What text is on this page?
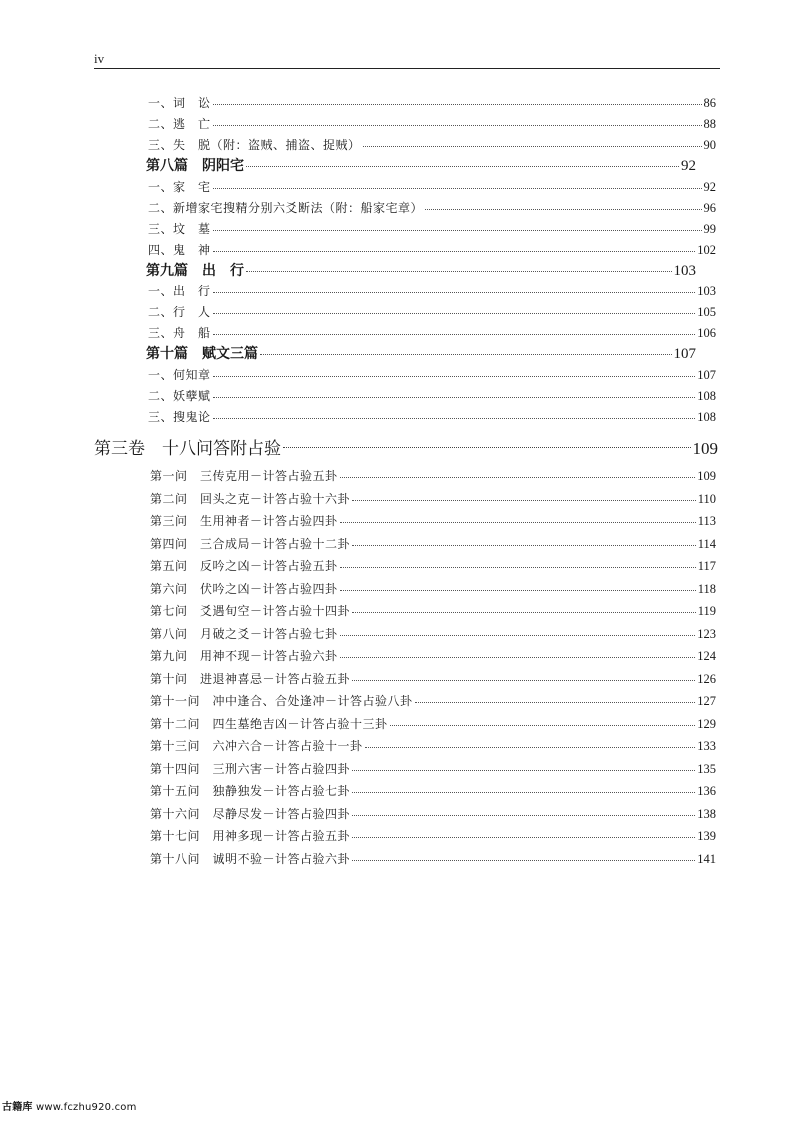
iv
一、词　讼	86
二、逃　亡	88
三、失　脱（附：盗贼、捕盗、捉贼）	90
第八篇　阴阳宅	92
一、家　宅	92
二、新增家宅搜精分别六爻断法（附：船家宅章）	96
三、坟　墓	99
四、鬼　神	102
第九篇　出　行	103
一、出　行	103
二、行　人	105
三、舟　船	106
第十篇　赋文三篇	107
一、何知章	107
二、妖孽赋	108
三、搜鬼论	108
第三卷　十八问答附占验	109
第一问　三传克用－计答占验五卦	109
第二问　回头之克－计答占验十六卦	110
第三问　生用神者－计答占验四卦	113
第四问　三合成局－计答占验十二卦	114
第五问　反吟之凶－计答占验五卦	117
第六问　伏吟之凶－计答占验四卦	118
第七问　爻遇旬空－计答占验十四卦	119
第八问　月破之爻－计答占验七卦	123
第九问　用神不现－计答占验六卦	124
第十问　进退神喜忌－计答占验五卦	126
第十一问　冲中逢合、合处逢冲－计答占验八卦	127
第十二问　四生墓绝吉凶－计答占验十三卦	129
第十三问　六冲六合－计答占验十一卦	133
第十四问　三刑六害－计答占验四卦	135
第十五问　独静独发－计答占验七卦	136
第十六问　尽静尽发－计答占验四卦	138
第十七问　用神多现－计答占验五卦	139
第十八问　诚明不验－计答占验六卦	141
古籍库 www.fczhu920.com
